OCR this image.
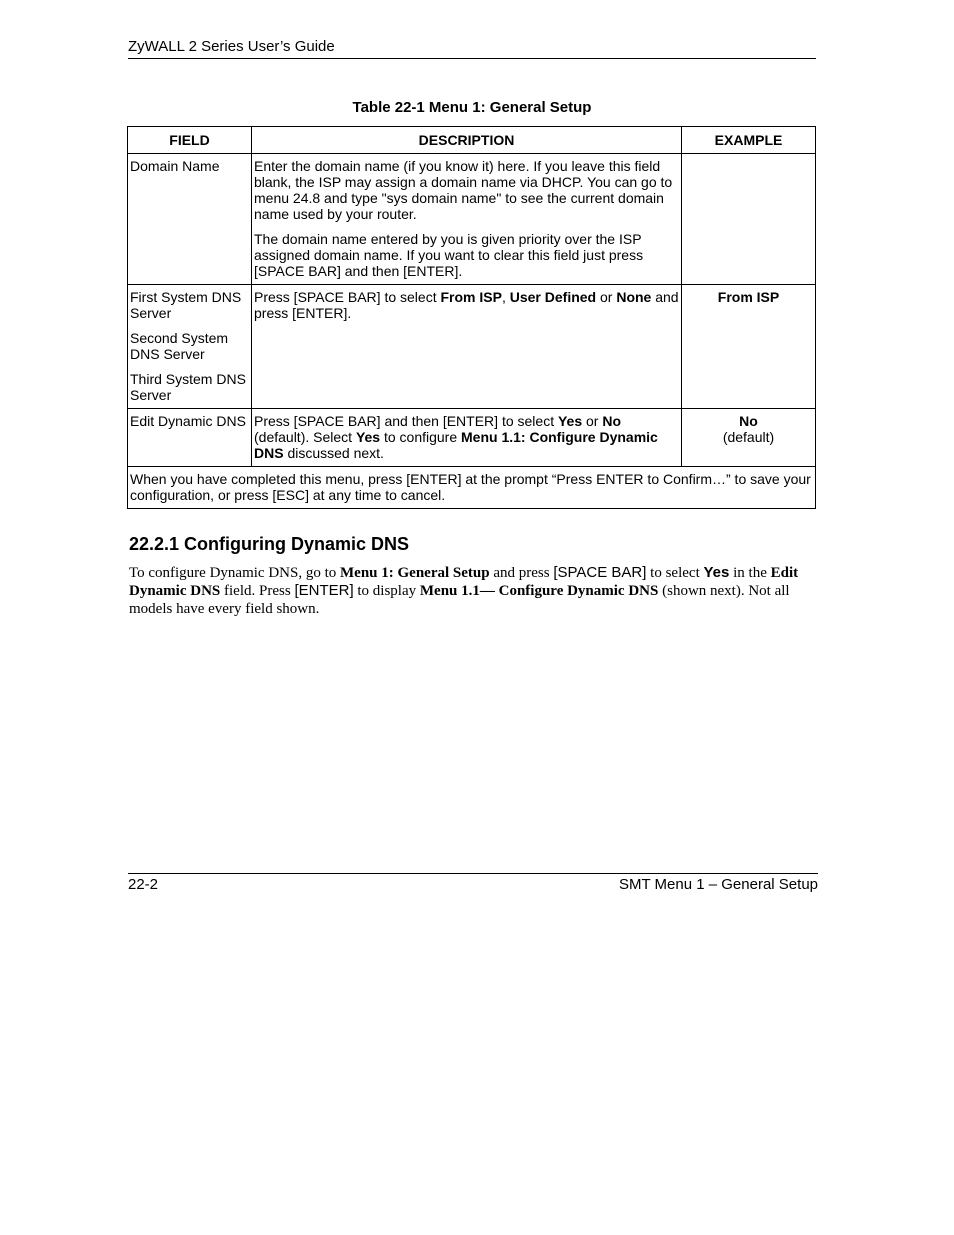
ZyWALL 2 Series User’s Guide
Table 22-1 Menu 1: General Setup
FIELD	DESCRIPTION	EXAMPLE
Domain Name	Enter the domain name (if you know it) here. If you leave this field blank, the ISP may assign a domain name via DHCP. You can go to menu 24.8 and type "sys domain name" to see the current domain name used by your router.

The domain name entered by you is given priority over the ISP assigned domain name. If you want to clear this field just press [SPACE BAR] and then [ENTER].	

First System DNS Server

Second System DNS Server

Third System DNS Server	Press [SPACE BAR] to select From ISP, User Defined or None and press [ENTER].	From ISP
Edit Dynamic DNS	Press [SPACE BAR] and then [ENTER] to select Yes or No (default). Select Yes to configure Menu 1.1: Configure Dynamic DNS discussed next.	No
(default)
When you have completed this menu, press [ENTER] at the prompt “Press ENTER to Confirm…” to save your configuration, or press [ESC] at any time to cancel.		
22.2.1 Configuring Dynamic DNS

To configure Dynamic DNS, go to Menu 1: General Setup and press [SPACE BAR] to select Yes in the Edit Dynamic DNS field. Press [ENTER] to display Menu 1.1— Configure Dynamic DNS (shown next). Not all models have every field shown.

22-2	SMT Menu 1 – General Setup
